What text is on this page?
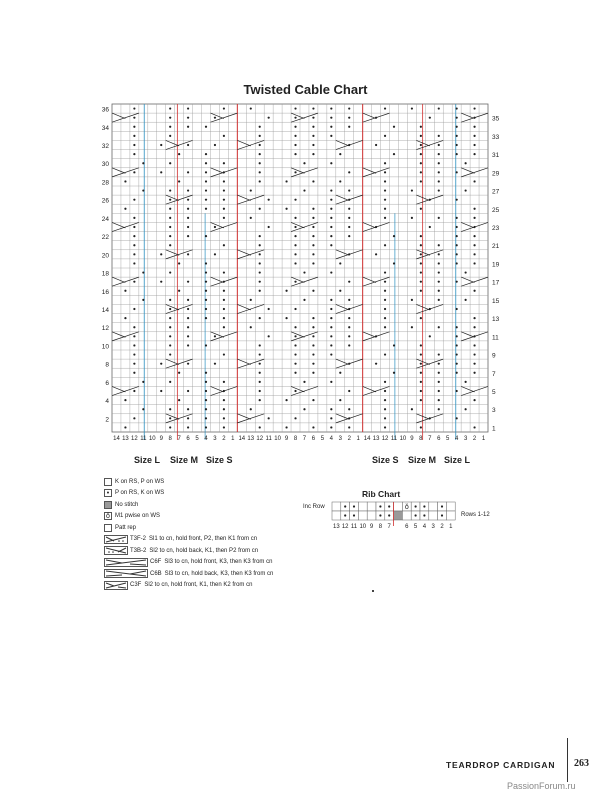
Twisted Cable Chart
36
34
32
30
28
26
24
22
20
18
16
14
12
10
8
6
4
2
35
33
31
29
27
25
23
21
19
17
15
13
11
9
7
5
3
1
14 13 12 11 10 9 8 7 6 5 4 3 2 1 14 13 12 11 10 9 8 7 6 5 4 3 2 1 14 13 12 11 10 9 8 7 6 5 4 3 2 1
ŏ
13 12 11 10 9 8 7 6 5 4 3 2 1
Size L Size M Size S	Size S Size M Size L
K on RS, P on WS
• P on RS, K on WS
No stitch
ŏ M1 pwise on WS
Patt rep
T3F-2 Sl1 to cn, hold front, P2, then K1 from cn
T3B-2 Sl2 to cn, hold back, K1, then P2 from cn
C6F Sl3 to cn, hold front, K3, then K3 from cn
C6B Sl3 to cn, hold back, K3, then K3 from cn
C3F Sl2 to cn, hold front, K1, then K2 from cn
Rib Chart
Inc Row
Rows 1-12
TEARDROP CARDIGAN 263
PassionForum.ru
